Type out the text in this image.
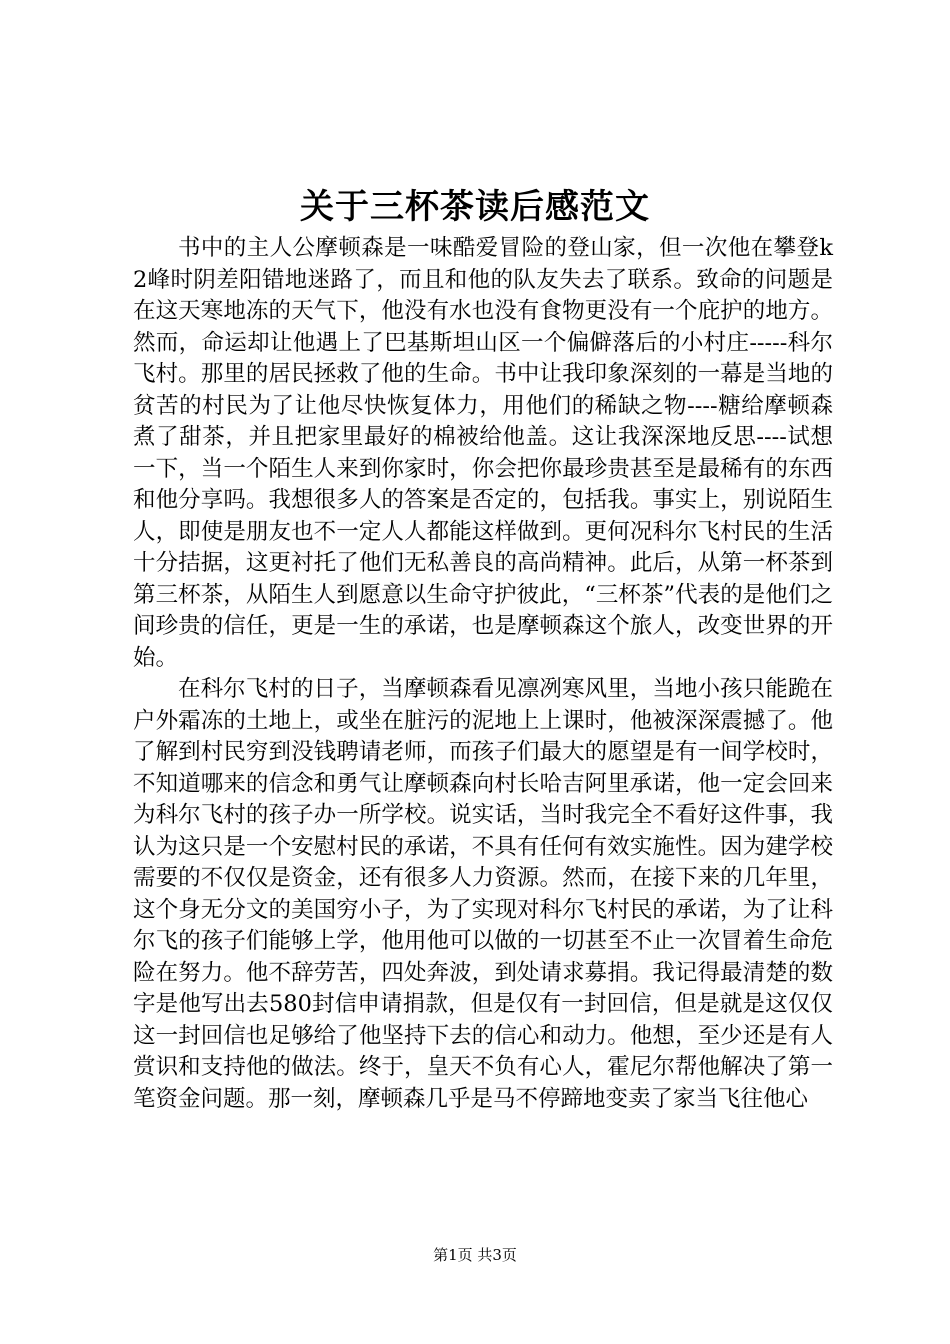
关于三杯茶读后感范文

书中的主人公摩顿森是一味酷爱冒险的登山家，但一次他在攀登k2峰时阴差阳错地迷路了，而且和他的队友失去了联系。致命的问题是在这天寒地冻的天气下，他没有水也没有食物更没有一个庇护的地方。然而，命运却让他遇上了巴基斯坦山区一个偏僻落后的小村庄-----科尔飞村。那里的居民拯救了他的生命。书中让我印象深刻的一幕是当地的贫苦的村民为了让他尽快恢复体力，用他们的稀缺之物----糖给摩顿森煮了甜茶，并且把家里最好的棉被给他盖。这让我深深地反思----试想一下，当一个陌生人来到你家时，你会把你最珍贵甚至是最稀有的东西和他分享吗。我想很多人的答案是否定的，包括我。事实上，别说陌生人，即使是朋友也不一定人人都能这样做到。更何况科尔飞村民的生活十分拮据，这更衬托了他们无私善良的高尚精神。此后，从第一杯茶到第三杯茶，从陌生人到愿意以生命守护彼此，“三杯茶”代表的是他们之间珍贵的信任，更是一生的承诺，也是摩顿森这个旅人，改变世界的开始。

在科尔飞村的日子，当摩顿森看见凛冽寒风里，当地小孩只能跪在户外霜冻的土地上，或坐在脏污的泥地上上课时，他被深深震撼了。他了解到村民穷到没钱聘请老师，而孩子们最大的愿望是有一间学校时，不知道哪来的信念和勇气让摩顿森向村长哈吉阿里承诺，他一定会回来为科尔飞村的孩子办一所学校。说实话，当时我完全不看好这件事，我认为这只是一个安慰村民的承诺，不具有任何有效实施性。因为建学校需要的不仅仅是资金，还有很多人力资源。然而，在接下来的几年里，这个身无分文的美国穷小子，为了实现对科尔飞村民的承诺，为了让科尔飞的孩子们能够上学，他用他可以做的一切甚至不止一次冒着生命危险在努力。他不辞劳苦，四处奔波，到处请求募捐。我记得最清楚的数字是他写出去580封信申请捐款，但是仅有一封回信，但是就是这仅仅这一封回信也足够给了他坚持下去的信心和动力。他想，至少还是有人赏识和支持他的做法。终于，皇天不负有心人，霍尼尔帮他解决了第一笔资金问题。那一刻，摩顿森几乎是马不停蹄地变卖了家当飞往他心

第1页 共3页
